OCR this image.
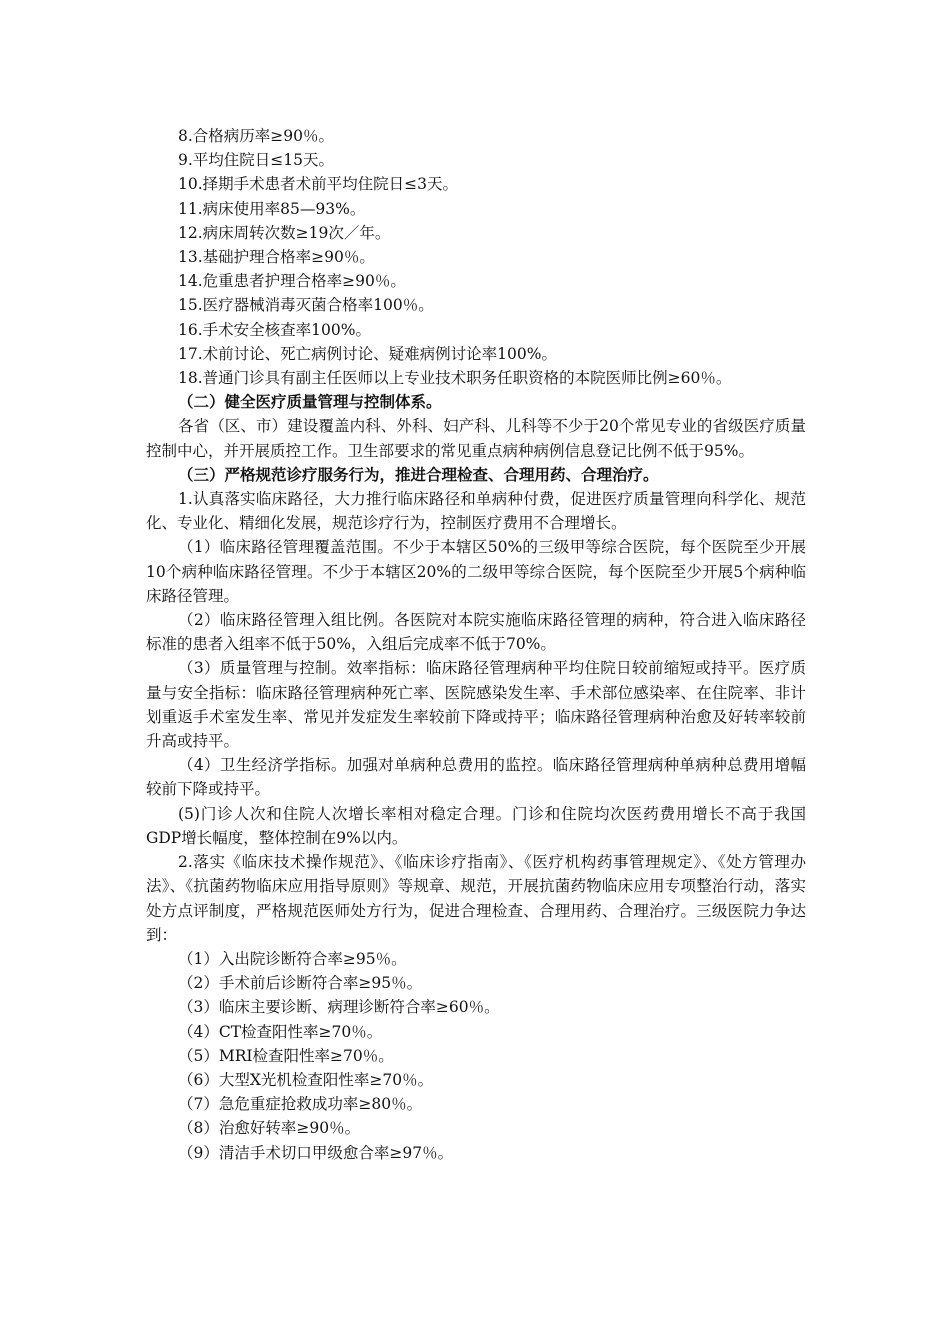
8.合格病历率≥90％。

9.平均住院日≤15天。

10.择期手术患者术前平均住院日≤3天。

11.病床使用率85—93%。

12.病床周转次数≥19次／年。

13.基础护理合格率≥90％。

14.危重患者护理合格率≥90％。

15.医疗器械消毒灭菌合格率100％。

16.手术安全核查率100%。

17.术前讨论、死亡病例讨论、疑难病例讨论率100%。

18.普通门诊具有副主任医师以上专业技术职务任职资格的本院医师比例≥60％。

（二）健全医疗质量管理与控制体系。

各省（区、市）建设覆盖内科、外科、妇产科、儿科等不少于20个常见专业的省级医疗质量控制中心，并开展质控工作。卫生部要求的常见重点病种病例信息登记比例不低于95%。

（三）严格规范诊疗服务行为，推进合理检查、合理用药、合理治疗。

1.认真落实临床路径，大力推行临床路径和单病种付费，促进医疗质量管理向科学化、规范化、专业化、精细化发展，规范诊疗行为，控制医疗费用不合理增长。

（1）临床路径管理覆盖范围。不少于本辖区50%的三级甲等综合医院，每个医院至少开展10个病种临床路径管理。不少于本辖区20%的二级甲等综合医院，每个医院至少开展5个病种临床路径管理。

（2）临床路径管理入组比例。各医院对本院实施临床路径管理的病种，符合进入临床路径标准的患者入组率不低于50%，入组后完成率不低于70%。

（3）质量管理与控制。效率指标：临床路径管理病种平均住院日较前缩短或持平。医疗质量与安全指标：临床路径管理病种死亡率、医院感染发生率、手术部位感染率、在住院率、非计划重返手术室发生率、常见并发症发生率较前下降或持平；临床路径管理病种治愈及好转率较前升高或持平。

（4）卫生经济学指标。加强对单病种总费用的监控。临床路径管理病种单病种总费用增幅较前下降或持平。

(5)门诊人次和住院人次增长率相对稳定合理。门诊和住院均次医药费用增长不高于我国GDP增长幅度，整体控制在9%以内。

2.落实《临床技术操作规范》、《临床诊疗指南》、《医疗机构药事管理规定》、《处方管理办法》、《抗菌药物临床应用指导原则》等规章、规范，开展抗菌药物临床应用专项整治行动，落实处方点评制度，严格规范医师处方行为，促进合理检查、合理用药、合理治疗。三级医院力争达到：

（1）入出院诊断符合率≥95％。

（2）手术前后诊断符合率≥95％。

（3）临床主要诊断、病理诊断符合率≥60％。

（4）CT检查阳性率≥70％。

（5）MRI检查阳性率≥70％。

（6）大型X光机检查阳性率≥70％。

（7）急危重症抢救成功率≥80％。

（8）治愈好转率≥90％。

（9）清洁手术切口甲级愈合率≥97％。
